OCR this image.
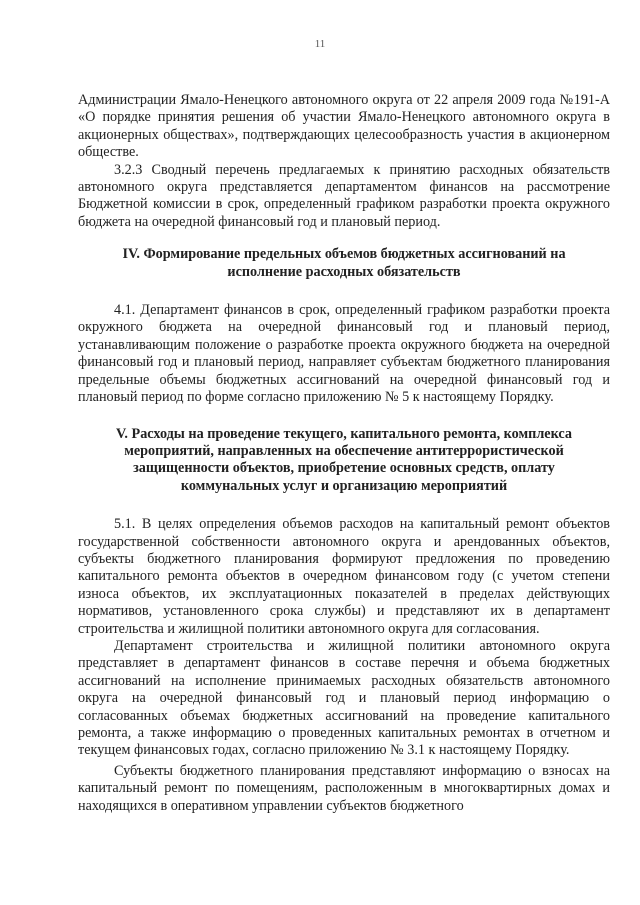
11

Администрации Ямало-Ненецкого автономного округа от 22 апреля 2009 года №191-А «О порядке принятия решения об участии Ямало-Ненецкого автономного округа в акционерных обществах», подтверждающих целесообразность участия в акционерном обществе.

3.2.3 Сводный перечень предлагаемых к принятию расходных обязательств автономного округа представляется департаментом финансов на рассмотрение Бюджетной комиссии в срок, определенный графиком разработки проекта окружного бюджета на очередной финансовый год и плановый период.

IV. Формирование предельных объемов бюджетных ассигнований на исполнение расходных обязательств

4.1. Департамент финансов в срок, определенный графиком разработки проекта окружного бюджета на очередной финансовый год и плановый период, устанавливающим положение о разработке проекта окружного бюджета на очередной финансовый год и плановый период, направляет субъектам бюджетного планирования предельные объемы бюджетных ассигнований на очередной финансовый год и плановый период по форме согласно приложению № 5 к настоящему Порядку.

V. Расходы на проведение текущего, капитального ремонта, комплекса мероприятий, направленных на обеспечение антитеррористической защищенности объектов, приобретение основных средств, оплату коммунальных услуг и организацию мероприятий

5.1. В целях определения объемов расходов на капитальный ремонт объектов государственной собственности автономного округа и арендованных объектов, субъекты бюджетного планирования формируют предложения по проведению капитального ремонта объектов в очередном финансовом году (с учетом степени износа объектов, их эксплуатационных показателей в пределах действующих нормативов, установленного срока службы) и представляют их в департамент строительства и жилищной политики автономного округа для согласования.

Департамент строительства и жилищной политики автономного округа представляет в департамент финансов в составе перечня и объема бюджетных ассигнований на исполнение принимаемых расходных обязательств автономного округа на очередной финансовый год и плановый период информацию о согласованных объемах бюджетных ассигнований на проведение капитального ремонта, а также информацию о проведенных капитальных ремонтах в отчетном и текущем финансовых годах, согласно приложению № 3.1 к настоящему Порядку.

Субъекты бюджетного планирования представляют информацию о взносах на капитальный ремонт по помещениям, расположенным в многоквартирных домах и находящихся в оперативном управлении субъектов бюджетного
